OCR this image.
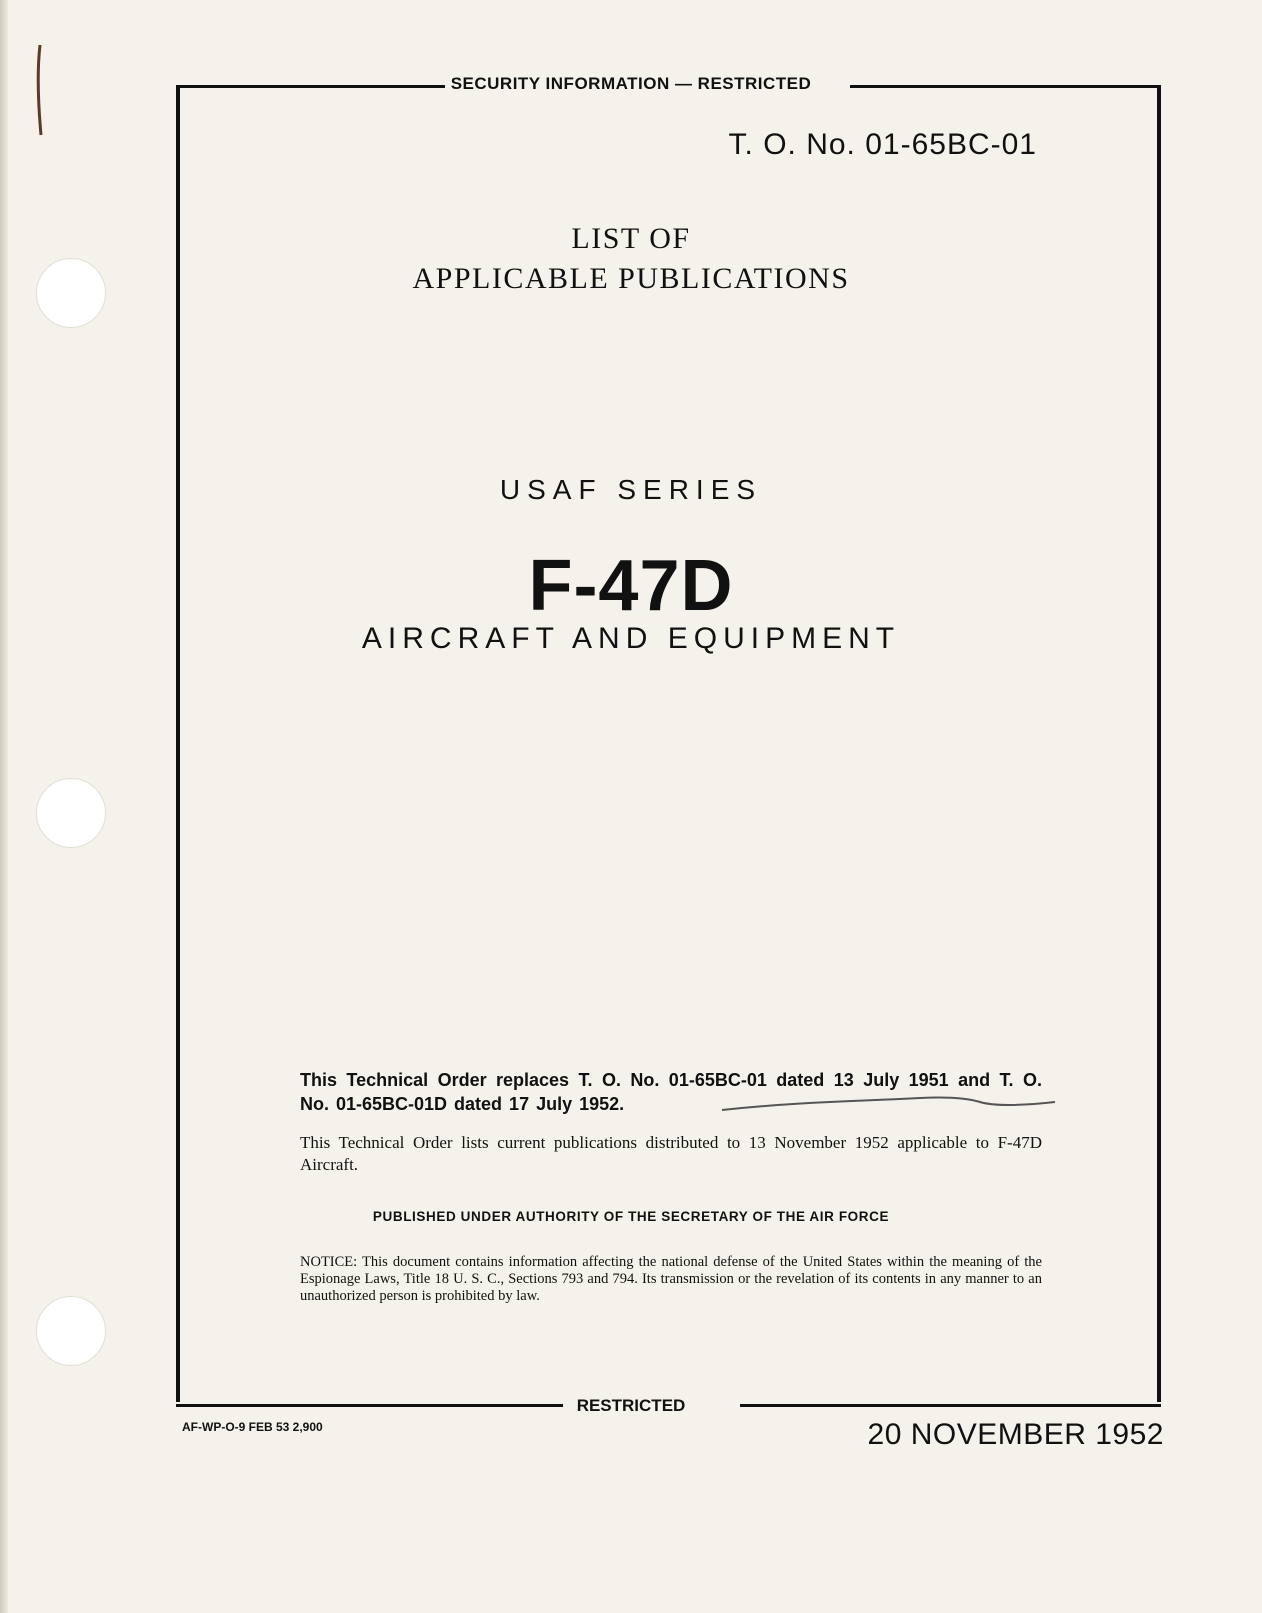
SECURITY INFORMATION — RESTRICTED
T. O. No. 01-65BC-01
LIST OF
APPLICABLE PUBLICATIONS
USAF SERIES
F-47D
AIRCRAFT AND EQUIPMENT
This Technical Order replaces T. O. No. 01-65BC-01 dated 13 July 1951 and T. O. No. 01-65BC-01D dated 17 July 1952.
This Technical Order lists current publications distributed to 13 November 1952 applicable to F-47D Aircraft.
PUBLISHED UNDER AUTHORITY OF THE SECRETARY OF THE AIR FORCE
NOTICE: This document contains information affecting the national defense of the United States within the meaning of the Espionage Laws, Title 18 U. S. C., Sections 793 and 794. Its transmission or the revelation of its contents in any manner to an unauthorized person is prohibited by law.
RESTRICTED
AF-WP-O-9 FEB 53 2,900	20 NOVEMBER 1952
